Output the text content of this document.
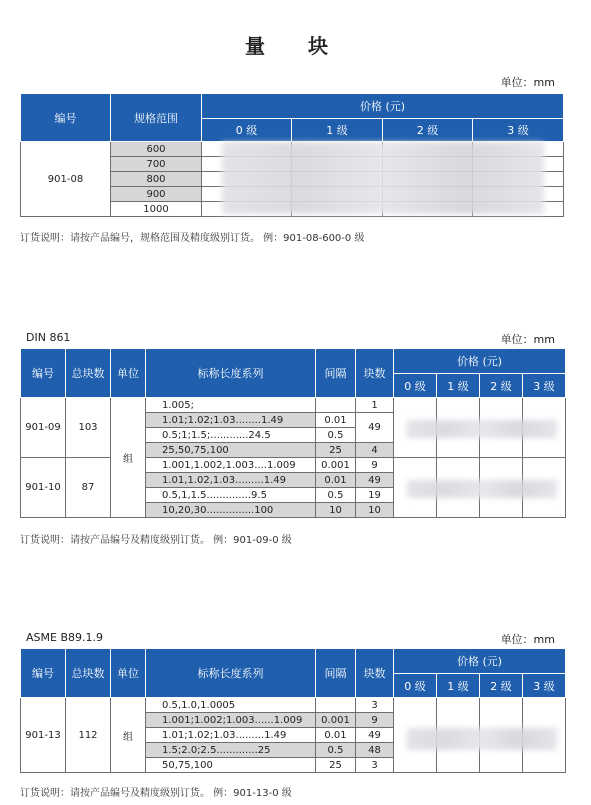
量 块
单位：mm
编号	规格范围	价格 (元)			
		0 级	1 级	2 级	3 级
901-08	600				
	700				
	800				
	900				
	1000				
订货说明：请按产品编号，规格范围及精度级别订货。 例：901-08-600-0 级
DIN 861	单位：mm
编号	总块数	单位	标称长度系列	间隔	块数	价格 (元)			
						0 级	1 级	2 级	3 级
901-09	103	组	1.005;		1				
			1.01;1.02;1.03........1.49	0.01	49				
			0.5;1;1.5;............24.5	0.5					
			25,50,75,100	25	4				
901-10	87		1.001,1.002,1.003....1.009	0.001	9				
			1.01,1.02,1.03.........1.49	0.01	49				
			0.5,1,1.5..............9.5	0.5	19				
			10,20,30...............100	10	10				
订货说明：请按产品编号及精度级别订货。 例：901-09-0 级
ASME B89.1.9	单位：mm
编号	总块数	单位	标称长度系列	间隔	块数	价格 (元)			
						0 级	1 级	2 级	3 级
901-13	112	组	0.5,1.0,1.0005		3				
			1.001;1.002;1.003......1.009	0.001	9				
			1.01;1.02;1.03.........1.49	0.01	49				
			1.5;2.0;2.5.............25	0.5	48				
			50,75,100	25	3				
订货说明：请按产品编号及精度级别订货。 例：901-13-0 级
